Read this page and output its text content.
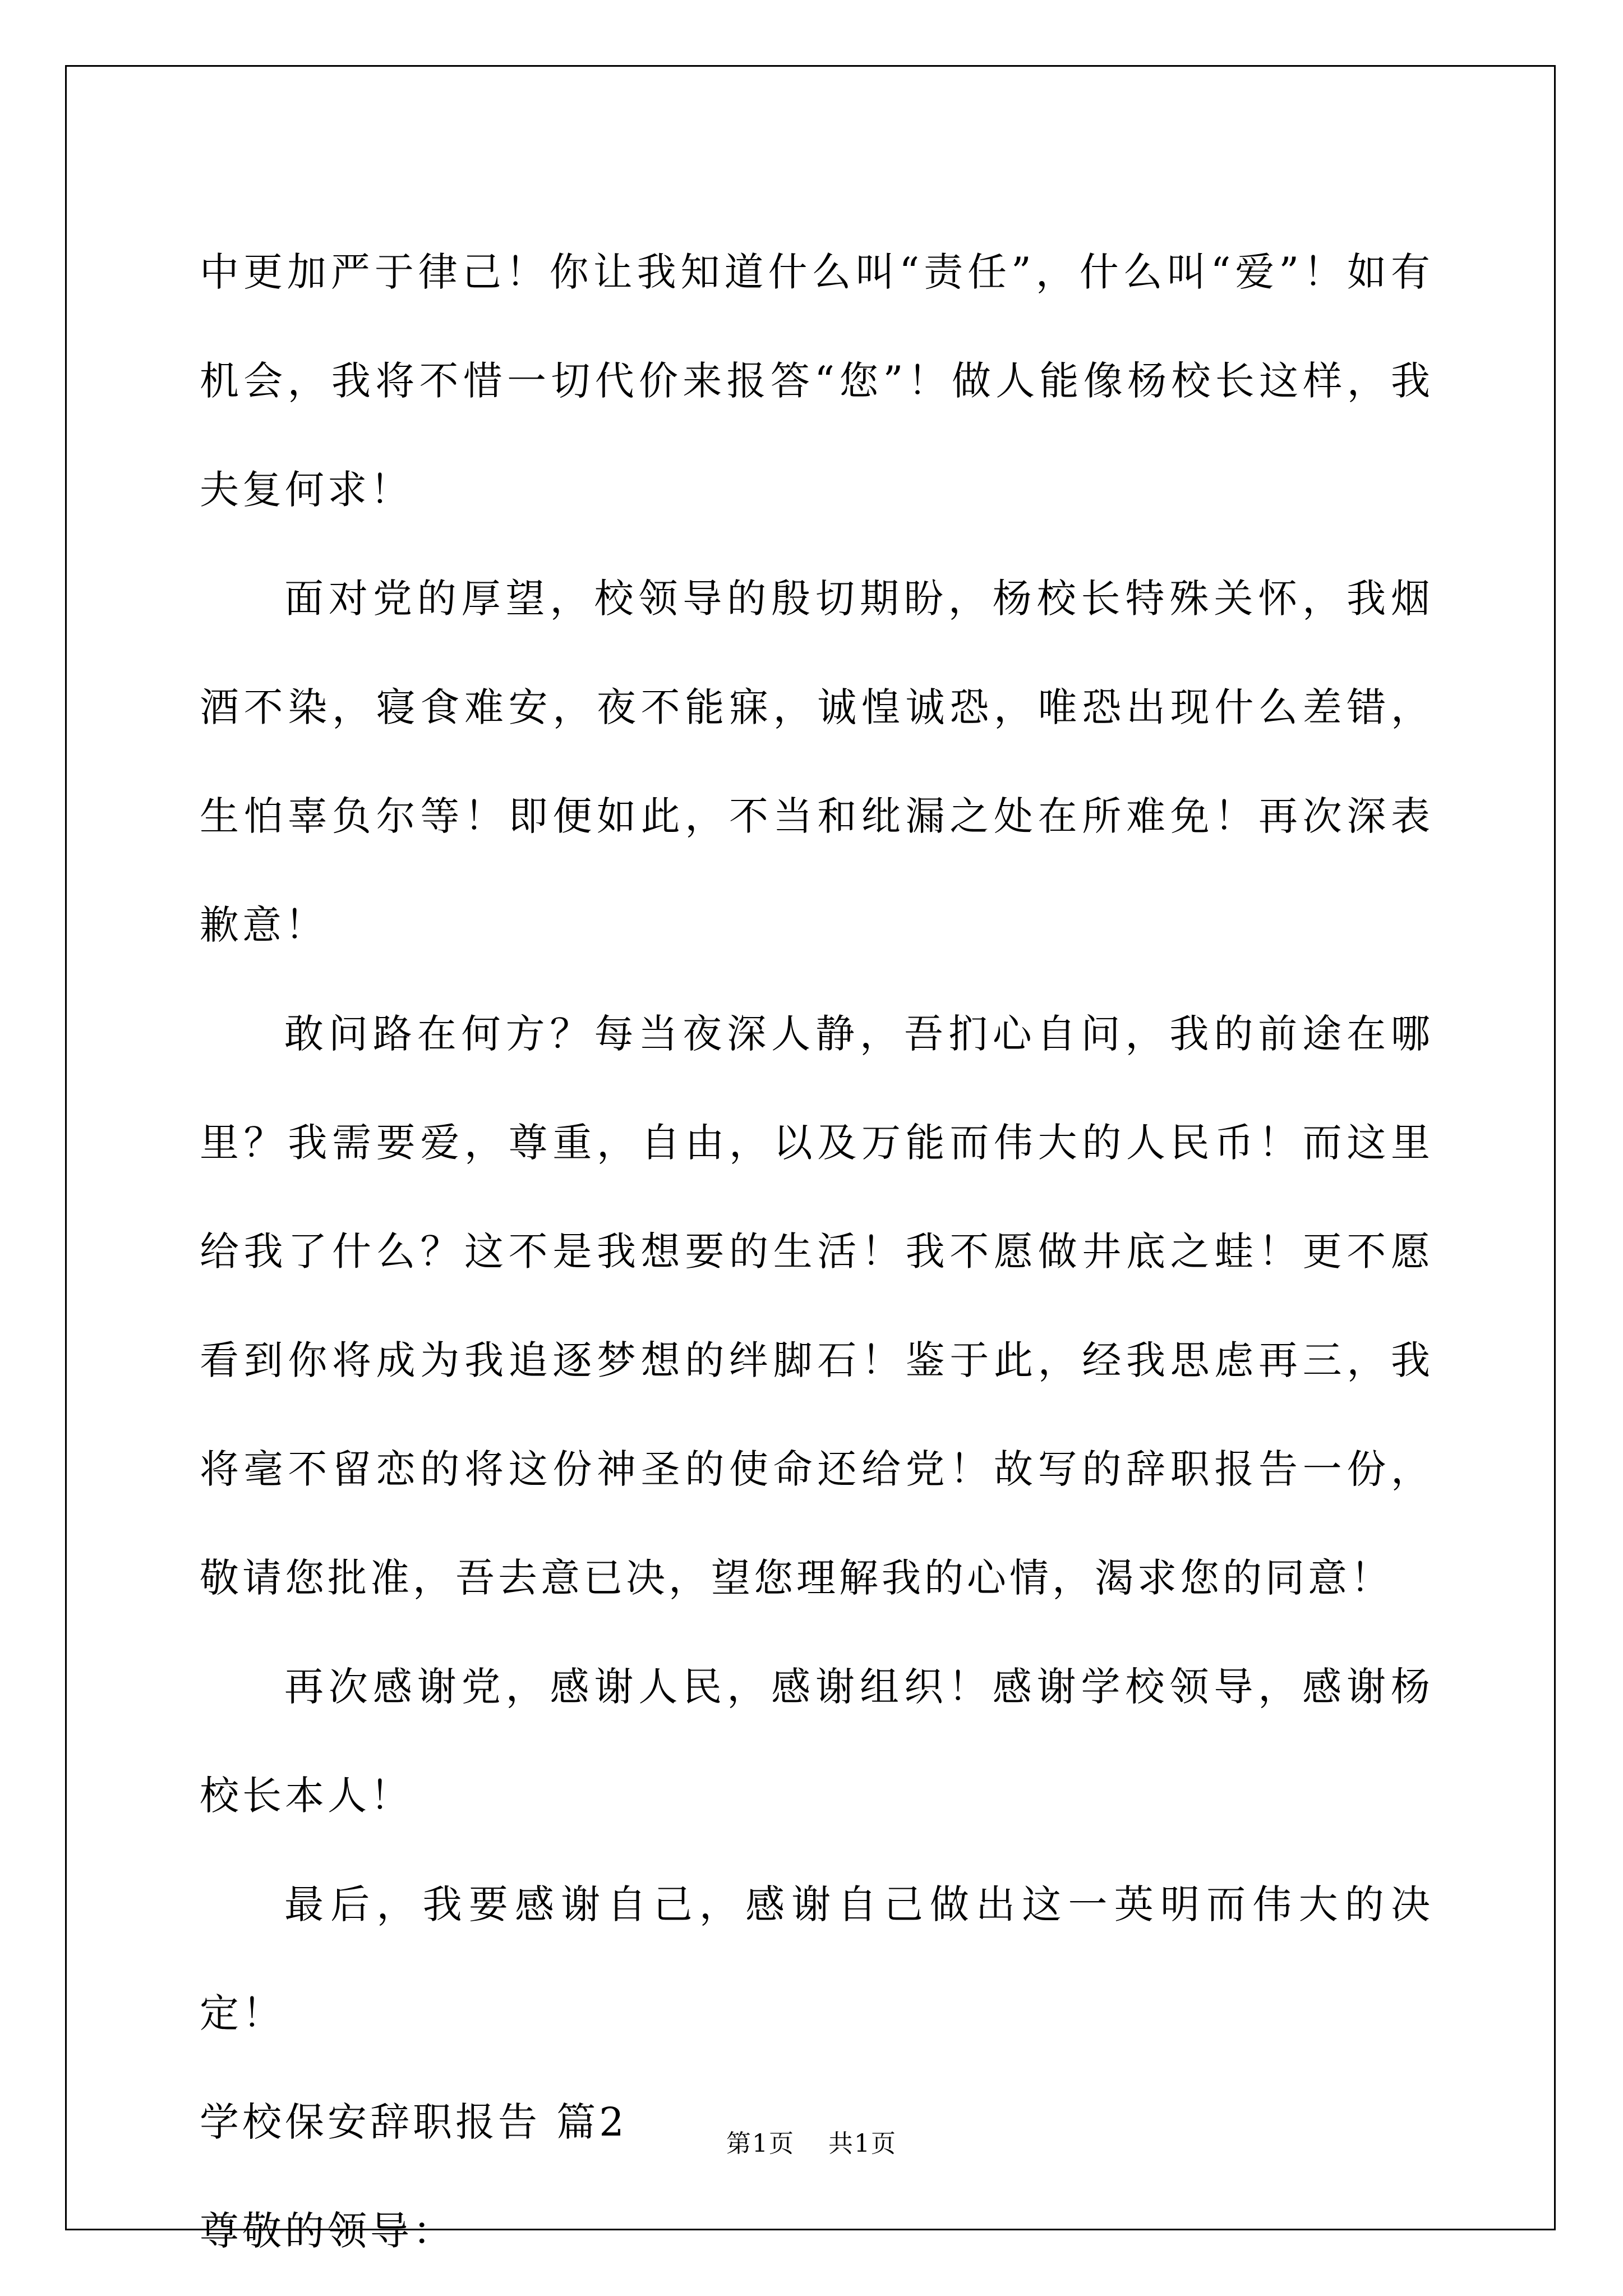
中更加严于律己！你让我知道什么叫“责任”，什么叫“爱”！如有机会，我将不惜一切代价来报答“您”！做人能像杨校长这样，我夫复何求！

面对党的厚望，校领导的殷切期盼，杨校长特殊关怀，我烟酒不染，寝食难安，夜不能寐，诚惶诚恐，唯恐出现什么差错，生怕辜负尔等！即便如此，不当和纰漏之处在所难免！再次深表歉意！

敢问路在何方？每当夜深人静，吾扪心自问，我的前途在哪里？我需要爱，尊重，自由，以及万能而伟大的人民币！而这里给我了什么？这不是我想要的生活！我不愿做井底之蛙！更不愿看到你将成为我追逐梦想的绊脚石！鉴于此，经我思虑再三，我将毫不留恋的将这份神圣的使命还给党！故写的辞职报告一份，敬请您批准，吾去意已决，望您理解我的心情，渴求您的同意！

再次感谢党，感谢人民，感谢组织！感谢学校领导，感谢杨校长本人！

最后，我要感谢自己，感谢自己做出这一英明而伟大的决定！

学校保安辞职报告 篇2

尊敬的领导：

第1页 共1页
